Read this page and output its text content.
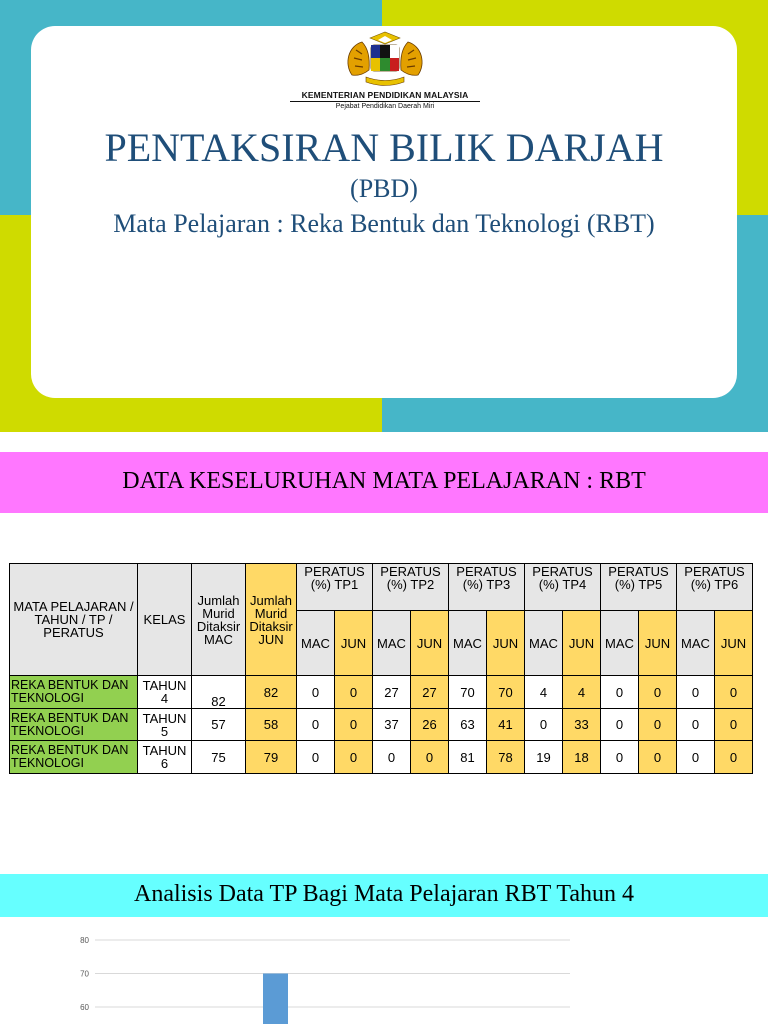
KEMENTERIAN PENDIDIKAN MALAYSIA
Pejabat Pendidikan Daerah Miri
PENTAKSIRAN BILIK DARJAH
(PBD)
Mata Pelajaran : Reka Bentuk dan Teknologi (RBT)
DATA KESELURUHAN MATA PELAJARAN : RBT
MATA PELAJARAN / TAHUN / TP / PERATUS	KELAS	Jumlah Murid Ditaksir MAC	Jumlah Murid Ditaksir JUN	PERATUS (%) TP1		PERATUS (%) TP2		PERATUS (%) TP3		PERATUS (%) TP4		PERATUS (%) TP5		PERATUS (%) TP6	
				MAC	JUN	MAC	JUN	MAC	JUN	MAC	JUN	MAC	JUN	MAC	JUN
REKA BENTUK DAN TEKNOLOGI	TAHUN 4	82	82	0	0	27	27	70	70	4	4	0	0	0	0
REKA BENTUK DAN TEKNOLOGI	TAHUN 5	57	58	0	0	37	26	63	41	0	33	0	0	0	0
REKA BENTUK DAN TEKNOLOGI	TAHUN 6	75	79	0	0	0	0	81	78	19	18	0	0	0	0
Analisis Data TP Bagi Mata Pelajaran RBT Tahun 4
80
70
60
